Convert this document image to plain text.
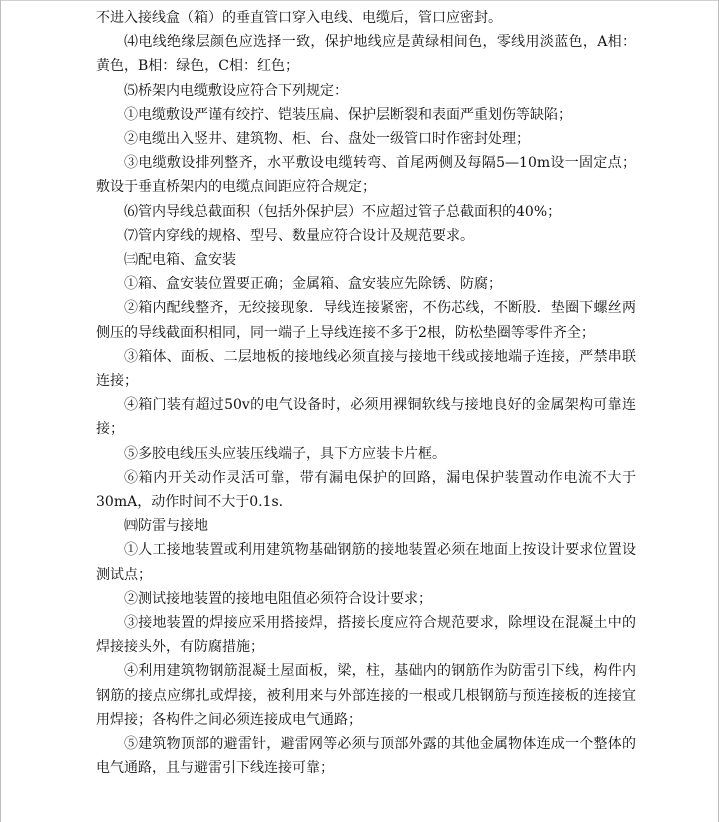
不进入接线盒（箱）的垂直管口穿入电线、电缆后，管口应密封。

⑷电线绝缘层颜色应选择一致，保护地线应是黄绿相间色，零线用淡蓝色，A相：黄色，B相：绿色，C相：红色；

⑸桥架内电缆敷设应符合下列规定：

①电缆敷设严谨有绞拧、铠装压扁、保护层断裂和表面严重划伤等缺陷；

②电缆出入竖井、建筑物、柜、台、盘处一级管口时作密封处理；

③电缆敷设排列整齐，水平敷设电缆转弯、首尾两侧及每隔5—10m设一固定点；敷设于垂直桥架内的电缆点间距应符合规定；

⑹管内导线总截面积（包括外保护层）不应超过管子总截面积的40%；

⑺管内穿线的规格、型号、数量应符合设计及规范要求。

㈢配电箱、盒安装

①箱、盒安装位置要正确；金属箱、盒安装应先除锈、防腐；

②箱内配线整齐，无绞接现象．导线连接紧密，不伤芯线，不断股．垫圈下螺丝两侧压的导线截面积相同，同一端子上导线连接不多于2根，防松垫圈等零件齐全；

③箱体、面板、二层地板的接地线必须直接与接地干线或接地端子连接，严禁串联连接；

④箱门装有超过50v的电气设备时，必须用裸铜软线与接地良好的金属架构可靠连接；

⑤多胶电线压头应装压线端子，具下方应装卡片框。

⑥箱内开关动作灵活可靠，带有漏电保护的回路，漏电保护装置动作电流不大于30mA，动作时间不大于0.1s.

㈣防雷与接地

①人工接地装置或利用建筑物基础钢筋的接地装置必须在地面上按设计要求位置设测试点；

②测试接地装置的接地电阻值必须符合设计要求；

③接地装置的焊接应采用搭接焊，搭接长度应符合规范要求，除埋设在混凝土中的焊接接头外，有防腐措施；

④利用建筑物钢筋混凝土屋面板，梁，柱，基础内的钢筋作为防雷引下线，构件内钢筋的接点应绑扎或焊接，被利用来与外部连接的一根或几根钢筋与预连接板的连接宜用焊接；各构件之间必须连接成电气通路；

⑤建筑物顶部的避雷针，避雷网等必须与顶部外露的其他金属物体连成一个整体的电气通路，且与避雷引下线连接可靠；
